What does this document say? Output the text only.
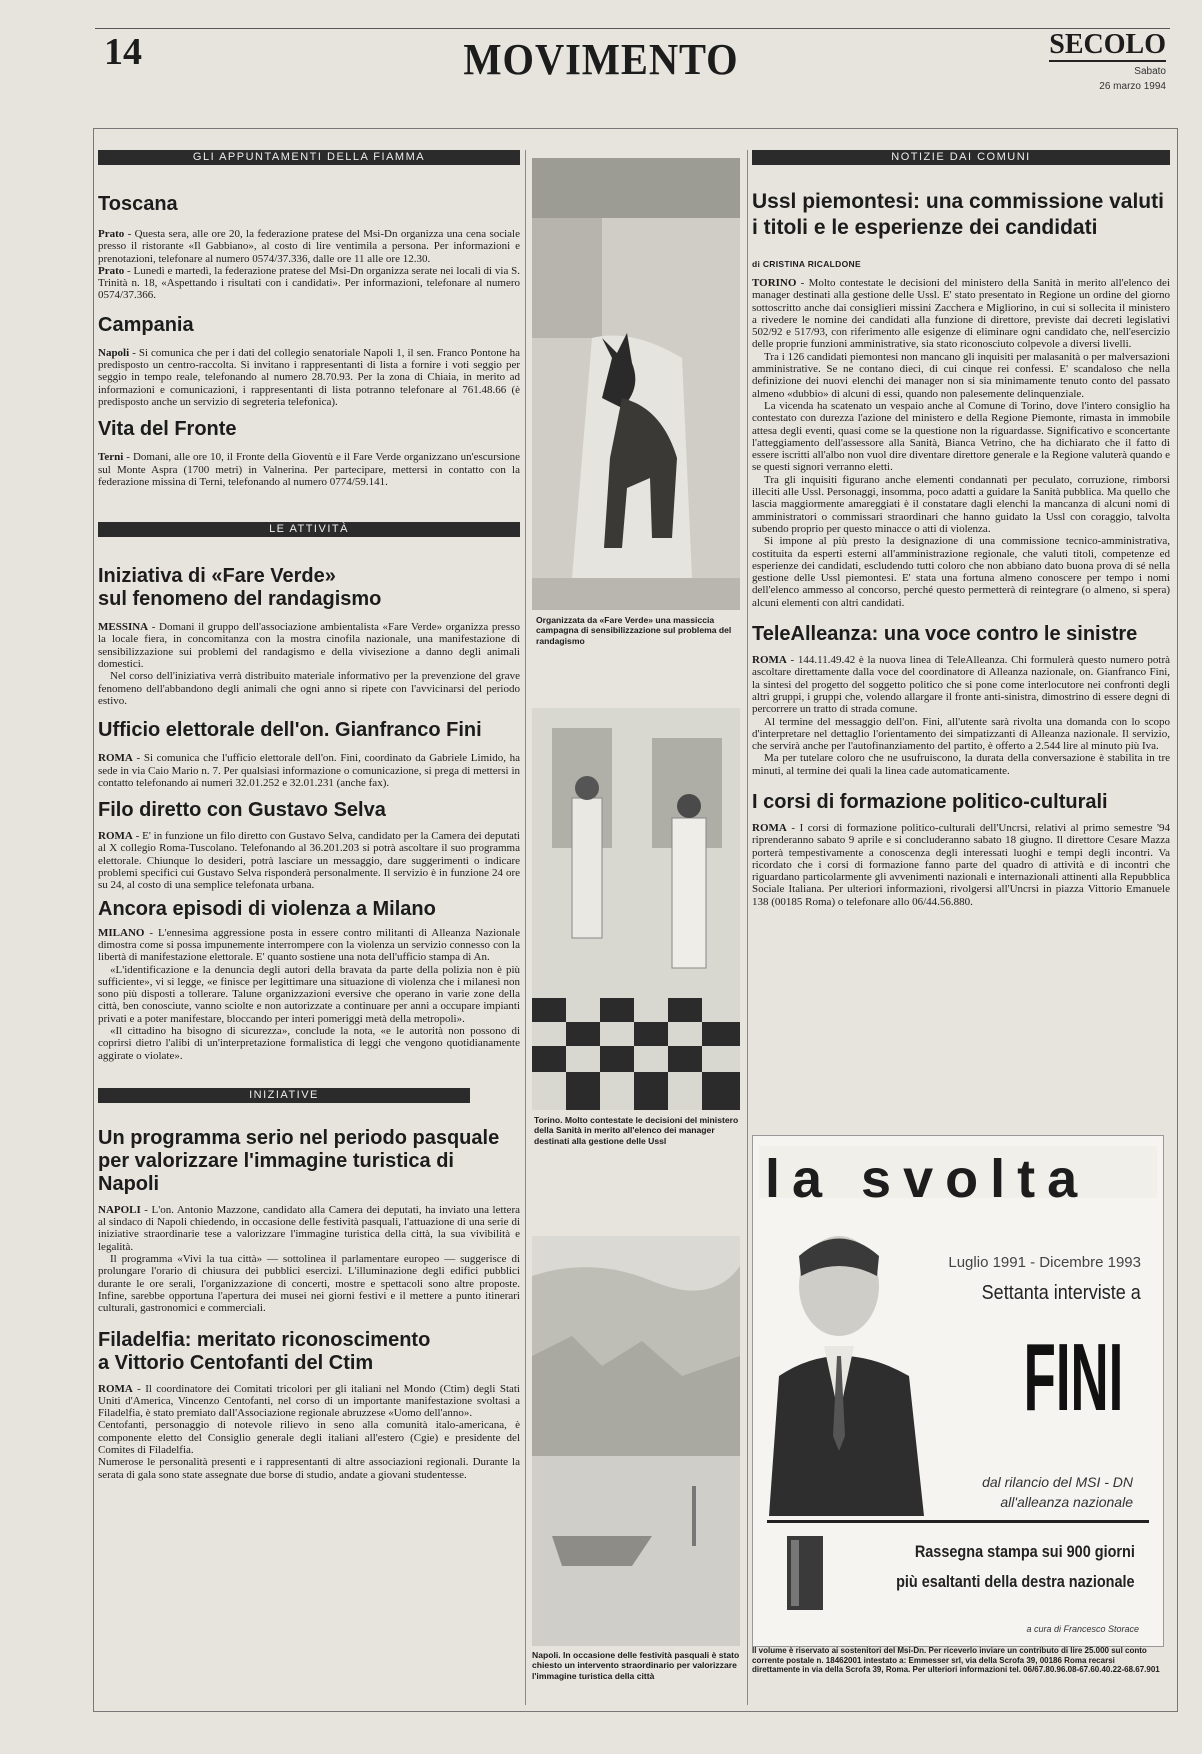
14	MOVIMENTO	SECOLO
Sabato
26 marzo 1994
GLI APPUNTAMENTI DELLA FIAMMA
Toscana

Prato - Questa sera, alle ore 20, la federazione pratese del Msi-Dn organizza una cena sociale presso il ristorante «Il Gabbiano», al costo di lire ventimila a persona. Per informazioni e prenotazioni, telefonare al numero 0574/37.336, dalle ore 11 alle ore 12.30.

Prato - Lunedì e martedì, la federazione pratese del Msi-Dn organizza serate nei locali di via S. Trinità n. 18, «Aspettando i risultati con i candidati». Per informazioni, telefonare al numero 0574/37.366.

Campania

Napoli - Si comunica che per i dati del collegio senatoriale Napoli 1, il sen. Franco Pontone ha predisposto un centro-raccolta. Si invitano i rappresentanti di lista a fornire i voti seggio per seggio in tempo reale, telefonando al numero 28.70.93. Per la zona di Chiaia, in merito ad informazioni e comunicazioni, i rappresentanti di lista potranno telefonare al 761.48.66 (è predisposto anche un servizio di segreteria telefonica).

Vita del Fronte

Terni - Domani, alle ore 10, il Fronte della Gioventù e il Fare Verde organizzano un'escursione sul Monte Aspra (1700 metri) in Valnerina. Per partecipare, mettersi in contatto con la federazione missina di Terni, telefonando al numero 0774/59.141.

LE ATTIVITÀ
Iniziativa di «Fare Verde»
sul fenomeno del randagismo

MESSINA - Domani il gruppo dell'associazione ambientalista «Fare Verde» organizza presso la locale fiera, in concomitanza con la mostra cinofila nazionale, una manifestazione di sensibilizzazione sui problemi del randagismo e della vivisezione a danno degli animali domestici.

Nel corso dell'iniziativa verrà distribuito materiale informativo per la prevenzione del grave fenomeno dell'abbandono degli animali che ogni anno si ripete con l'avvicinarsi del periodo estivo.

Ufficio elettorale dell'on. Gianfranco Fini

ROMA - Si comunica che l'ufficio elettorale dell'on. Fini, coordinato da Gabriele Limido, ha sede in via Caio Mario n. 7. Per qualsiasi informazione o comunicazione, si prega di mettersi in contatto telefonando ai numeri 32.01.252 e 32.01.231 (anche fax).

Filo diretto con Gustavo Selva

ROMA - E' in funzione un filo diretto con Gustavo Selva, candidato per la Camera dei deputati al X collegio Roma-Tuscolano. Telefonando al 36.201.203 si potrà ascoltare il suo programma elettorale. Chiunque lo desideri, potrà lasciare un messaggio, dare suggerimenti o indicare problemi specifici cui Gustavo Selva risponderà personalmente. Il servizio è in funzione 24 ore su 24, al costo di una semplice telefonata urbana.

Ancora episodi di violenza a Milano

MILANO - L'ennesima aggressione posta in essere contro militanti di Alleanza Nazionale dimostra come si possa impunemente interrompere con la violenza un servizio connesso con la libertà di manifestazione elettorale. E' quanto sostiene una nota dell'ufficio stampa di An.

«L'identificazione e la denuncia degli autori della bravata da parte della polizia non è più sufficiente», vi si legge, «e finisce per legittimare una situazione di violenza che i milanesi non sono più disposti a tollerare. Talune organizzazioni eversive che operano in varie zone della città, ben conosciute, vanno sciolte e non autorizzate a continuare per anni a occupare impianti privati e a poter manifestare, bloccando per interi pomeriggi metà della metropoli».

«Il cittadino ha bisogno di sicurezza», conclude la nota, «e le autorità non possono di coprirsi dietro l'alibi di un'interpretazione formalistica di leggi che vengono quotidianamente aggirate o violate».

INIZIATIVE
Un programma serio nel periodo pasquale
per valorizzare l'immagine turistica di Napoli

NAPOLI - L'on. Antonio Mazzone, candidato alla Camera dei deputati, ha inviato una lettera al sindaco di Napoli chiedendo, in occasione delle festività pasquali, l'attuazione di una serie di iniziative straordinarie tese a valorizzare l'immagine turistica della città, la sua vivibilità e legalità.

Il programma «Vivi la tua città» — sottolinea il parlamentare europeo — suggerisce di prolungare l'orario di chiusura dei pubblici esercizi. L'illuminazione degli edifici pubblici durante le ore serali, l'organizzazione di concerti, mostre e spettacoli sono altre proposte. Infine, sarebbe opportuna l'apertura dei musei nei giorni festivi e il mettere a punto itinerari culturali, gastronomici e commerciali.

Filadelfia: meritato riconoscimento
a Vittorio Centofanti del Ctim

ROMA - Il coordinatore dei Comitati tricolori per gli italiani nel Mondo (Ctim) degli Stati Uniti d'America, Vincenzo Centofanti, nel corso di un importante manifestazione svoltasi a Filadelfia, è stato premiato dall'Associazione regionale abruzzese «Uomo dell'anno».

Centofanti, personaggio di notevole rilievo in seno alla comunità italo-americana, è componente eletto del Consiglio generale degli italiani all'estero (Cgie) e presidente del Comites di Filadelfia.

Numerose le personalità presenti e i rappresentanti di altre associazioni regionali. Durante la serata di gala sono state assegnate due borse di studio, andate a giovani studentesse.

Organizzata da «Fare Verde» una massiccia campagna di sensibilizzazione sul problema del randagismo
Torino. Molto contestate le decisioni del ministero della Sanità in merito all'elenco dei manager destinati alla gestione delle Ussl
Napoli. In occasione delle festività pasquali è stato chiesto un intervento straordinario per valorizzare l'immagine turistica della città
NOTIZIE DAI COMUNI
Ussl piemontesi: una commissione valuti
i titoli e le esperienze dei candidati
di CRISTINA RICALDONE

TORINO - Molto contestate le decisioni del ministero della Sanità in merito all'elenco dei manager destinati alla gestione delle Ussl. E' stato presentato in Regione un ordine del giorno sottoscritto anche dai consiglieri missini Zacchera e Migliorino, in cui si sollecita il ministero a rivedere le nomine dei candidati alla funzione di direttore, previste dai decreti legislativi 502/92 e 517/93, con riferimento alle esigenze di eliminare ogni candidato che, nell'esercizio delle proprie funzioni amministrative, sia stato riconosciuto colpevole a diversi livelli.

Tra i 126 candidati piemontesi non mancano gli inquisiti per malasanità o per malversazioni amministrative. Se ne contano dieci, di cui cinque rei confessi. E' scandaloso che nella definizione dei nuovi elenchi dei manager non si sia minimamente tenuto conto del passato almeno «dubbio» di alcuni di essi, quando non palesemente delinquenziale.

La vicenda ha scatenato un vespaio anche al Comune di Torino, dove l'intero consiglio ha contestato con durezza l'azione del ministero e della Regione Piemonte, rimasta in immobile attesa degli eventi, quasi come se la questione non la riguardasse. Significativo e sconcertante l'atteggiamento dell'assessore alla Sanità, Bianca Vetrino, che ha dichiarato che il fatto di essere iscritti all'albo non vuol dire diventare direttore generale e la Regione valuterà quando e se questi signori verranno eletti.

Tra gli inquisiti figurano anche elementi condannati per peculato, corruzione, rimborsi illeciti alle Ussl. Personaggi, insomma, poco adatti a guidare la Sanità pubblica. Ma quello che lascia maggiormente amareggiati è il constatare dagli elenchi la mancanza di alcuni nomi di amministratori o commissari straordinari che hanno guidato la Ussl con coraggio, talvolta subendo proprio per questo minacce o atti di violenza.

Si impone al più presto la designazione di una commissione tecnico-amministrativa, costituita da esperti esterni all'amministrazione regionale, che valuti titoli, competenze ed esperienze dei candidati, escludendo tutti coloro che non abbiano dato buona prova di sé nella gestione delle Ussl piemontesi. E' stata una fortuna almeno conoscere per tempo i nomi dell'elenco ammesso al concorso, perché questo permetterà di reintegrare (o almeno, si spera) alcuni elementi con altri candidati.

TeleAlleanza: una voce contro le sinistre

ROMA - 144.11.49.42 è la nuova linea di TeleAlleanza. Chi formulerà questo numero potrà ascoltare direttamente dalla voce del coordinatore di Alleanza nazionale, on. Gianfranco Fini, la sintesi del progetto del soggetto politico che si pone come interlocutore nei confronti degli altri gruppi, i gruppi che, volendo allargare il fronte anti-sinistra, dimostrino di essere degni di percorrere un tratto di strada comune.

Al termine del messaggio dell'on. Fini, all'utente sarà rivolta una domanda con lo scopo d'interpretare nel dettaglio l'orientamento dei simpatizzanti di Alleanza nazionale. Il servizio, che servirà anche per l'autofinanziamento del partito, è offerto a 2.544 lire al minuto più Iva.

Ma per tutelare coloro che ne usufruiscono, la durata della conversazione è stabilita in tre minuti, al termine dei quali la linea cade automaticamente.

I corsi di formazione politico-culturali

ROMA - I corsi di formazione politico-culturali dell'Uncrsi, relativi al primo semestre '94 riprenderanno sabato 9 aprile e si concluderanno sabato 18 giugno. Il direttore Cesare Mazza porterà tempestivamente a conoscenza degli interessati luoghi e tempi degli incontri. Va ricordato che i corsi di formazione fanno parte del quadro di attività e di incontri che riguardano particolarmente gli avvenimenti nazionali e internazionali attinenti alla Repubblica Sociale Italiana. Per ulteriori informazioni, rivolgersi all'Uncrsi in piazza Vittorio Emanuele 138 (00185 Roma) o telefonare allo 06/44.56.880.

la svolta
Luglio 1991 - Dicembre 1993
Settanta interviste a
FINI
dal rilancio del MSI - DN
all'alleanza nazionale
Rassegna stampa sui 900 giorni
più esaltanti della destra nazionale
a cura di Francesco Storace
Il volume è riservato ai sostenitori del Msi-Dn. Per riceverlo inviare un contributo di lire 25.000 sul conto corrente postale n. 18462001 intestato a: Emmesser srl, via della Scrofa 39, 00186 Roma recarsi direttamente in via della Scrofa 39, Roma. Per ulteriori informazioni tel. 06/67.80.96.08-67.60.40.22-68.67.901
